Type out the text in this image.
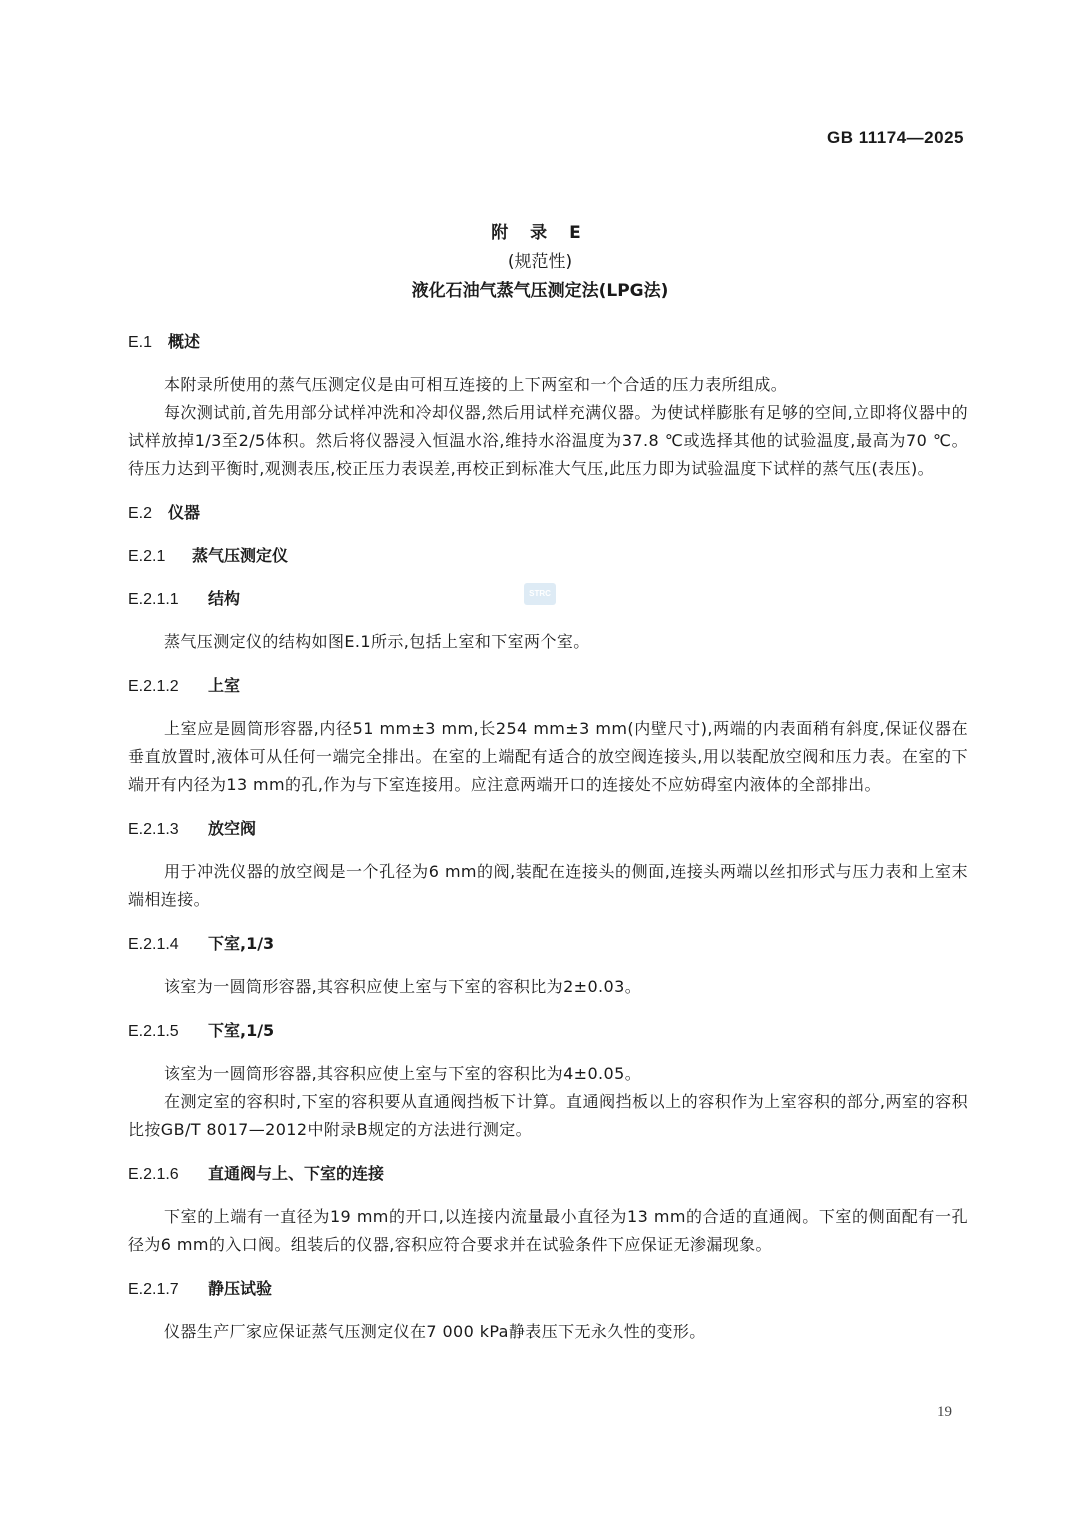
GB 11174—2025
附 录 E
(规范性)
液化石油气蒸气压测定法(LPG法)
E.1 概述
本附录所使用的蒸气压测定仪是由可相互连接的上下两室和一个合适的压力表所组成。
每次测试前,首先用部分试样冲洗和冷却仪器,然后用试样充满仪器。为使试样膨胀有足够的空间,立即将仪器中的试样放掉1/3至2/5体积。然后将仪器浸入恒温水浴,维持水浴温度为37.8 ℃或选择其他的试验温度,最高为70 ℃。待压力达到平衡时,观测表压,校正压力表误差,再校正到标准大气压,此压力即为试验温度下试样的蒸气压(表压)。
E.2 仪器
E.2.1 蒸气压测定仪
E.2.1.1 结构
蒸气压测定仪的结构如图E.1所示,包括上室和下室两个室。
E.2.1.2 上室
上室应是圆筒形容器,内径51 mm±3 mm,长254 mm±3 mm(内壁尺寸),两端的内表面稍有斜度,保证仪器在垂直放置时,液体可从任何一端完全排出。在室的上端配有适合的放空阀连接头,用以装配放空阀和压力表。在室的下端开有内径为13 mm的孔,作为与下室连接用。应注意两端开口的连接处不应妨碍室内液体的全部排出。
E.2.1.3 放空阀
用于冲洗仪器的放空阀是一个孔径为6 mm的阀,装配在连接头的侧面,连接头两端以丝扣形式与压力表和上室末端相连接。
E.2.1.4 下室,1/3
该室为一圆筒形容器,其容积应使上室与下室的容积比为2±0.03。
E.2.1.5 下室,1/5
该室为一圆筒形容器,其容积应使上室与下室的容积比为4±0.05。
在测定室的容积时,下室的容积要从直通阀挡板下计算。直通阀挡板以上的容积作为上室容积的部分,两室的容积比按GB/T 8017—2012中附录B规定的方法进行测定。
E.2.1.6 直通阀与上、下室的连接
下室的上端有一直径为19 mm的开口,以连接内流量最小直径为13 mm的合适的直通阀。下室的侧面配有一孔径为6 mm的入口阀。组装后的仪器,容积应符合要求并在试验条件下应保证无渗漏现象。
E.2.1.7 静压试验
仪器生产厂家应保证蒸气压测定仪在7 000 kPa静表压下无永久性的变形。
STRC
19
